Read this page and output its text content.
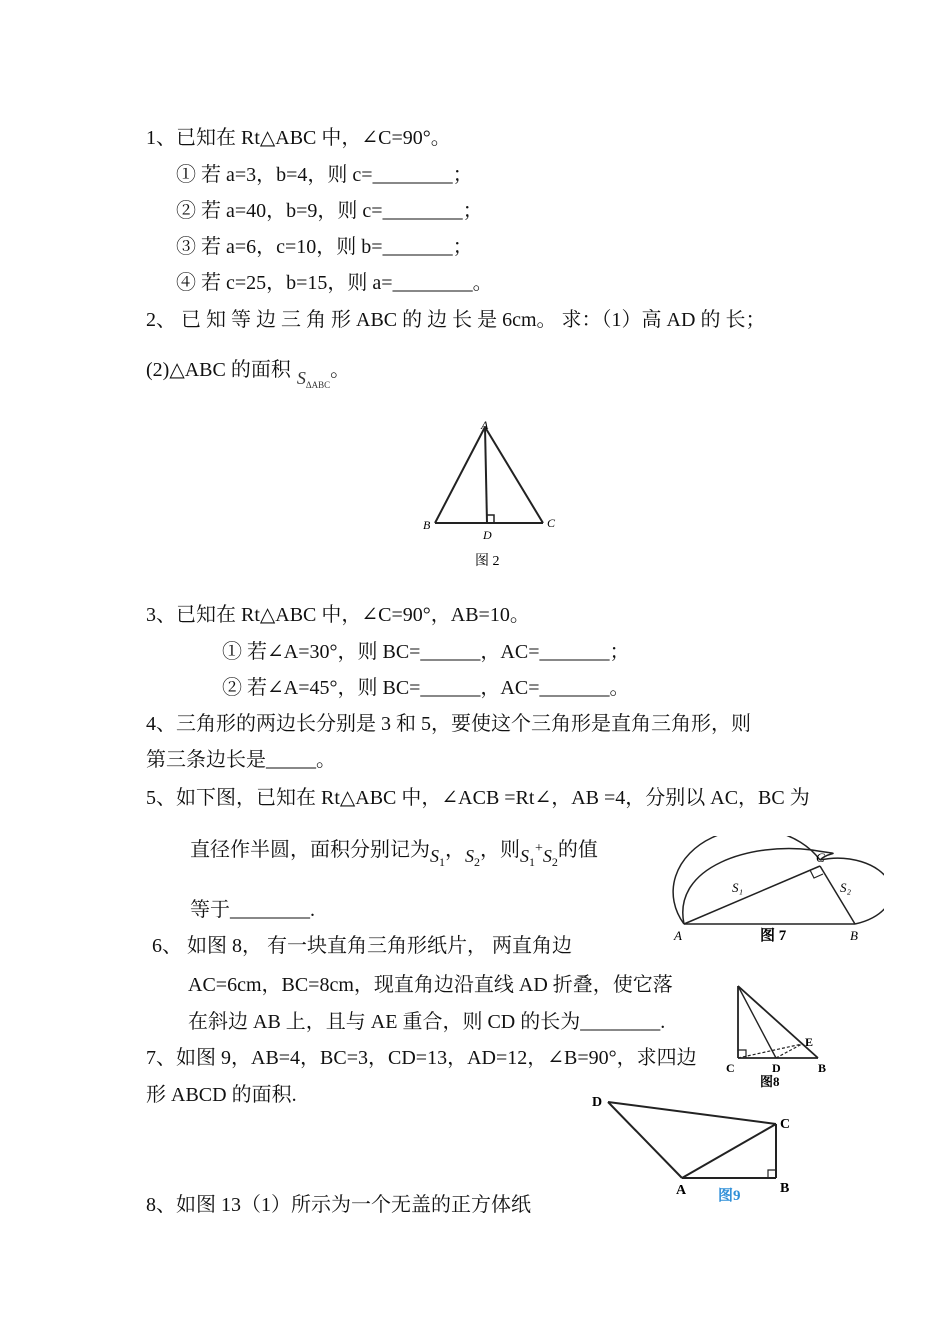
1、已知在 Rt△ABC 中，∠C=90°。
① 若 a=3，b=4，则 c=________；
② 若 a=40，b=9，则 c=________；
③ 若 a=6，c=10，则 b=_______；
④ 若 c=25，b=15，则 a=________。
2、 已 知 等 边 三 角 形 ABC 的 边 长 是 6cm。 求：（1）高 AD 的 长；
(2)△ABC 的面积 $S_{\Delta ABC}$。
A
B	C
D
图 2
3、已知在 Rt△ABC 中，∠C=90°，AB=10。
① 若∠A=30°，则 BC=______，AC=_______；
② 若∠A=45°，则 BC=______，AC=_______。
4、三角形的两边长分别是 3 和 5，要使这个三角形是直角三角形，则
第三条边长是_____。
5、如下图，已知在 Rt△ABC 中，∠ACB =Rt∠，AB =4，分别以 AC，BC 为
直径作半圆，面积分别记为$S_1$，$S_2$，则$S_1^+S_2$的值
等于________.
A	B
C
S₁	S₂
图 7
6、 如图 8， 有一块直角三角形纸片， 两直角边
AC=6cm，BC=8cm，现直角边沿直线 AD 折叠，使它落
在斜边 AB 上，且与 AE 重合，则 CD 的长为________.
C	D	B
E
图8
7、如图 9，AB=4，BC=3，CD=13，AD=12，∠B=90°，求四边
形 ABCD 的面积.	D
C
A	B
图9
8、如图 13（1）所示为一个无盖的正方体纸
